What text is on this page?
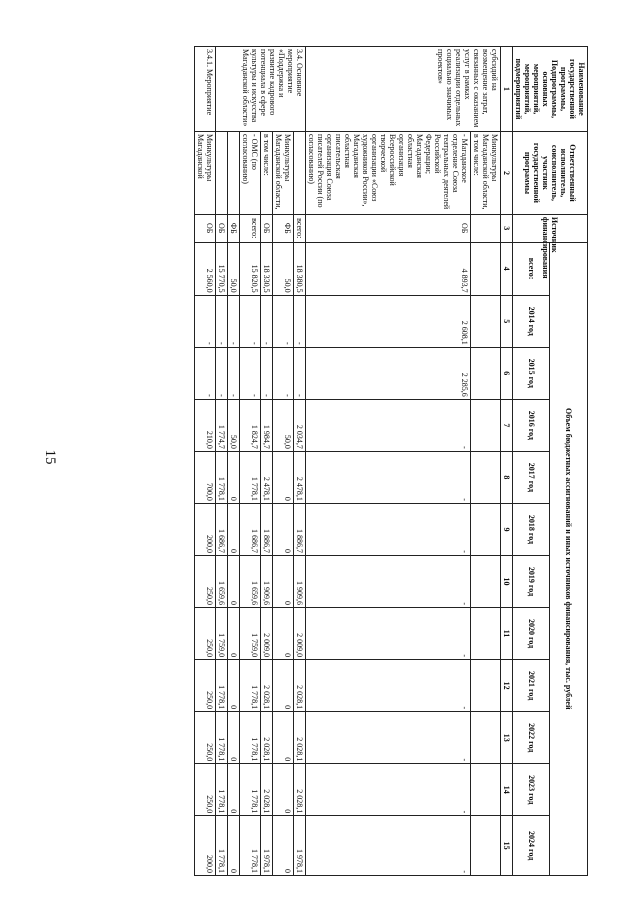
15
Наименование государственной программы, Подпрограммы, основных мероприятий, мероприятий, подмероприятий	Ответственный исполнитель, соисполнитель, участник государственной программы	Источник финансирования	Объем бюджетных ассигнований и иных источников финансирования, тыс. рублей											
			всего:	2014 год	2015 год	2016 год	2017 год	2018 год	2019 год	2020 год	2021 год	2022 год	2023 год	2024 год
1	2	3	4	5	6	7	8	9	10	11	12	13	14	15
субсидий на возмещение затрат, связанных с оказанием услуг в рамках реализации отдельных социально значимых проектов»	Минкультуры Магаданской области, в том числе:													
	- Магаданское отделение Союза театральных деятелей Российской Федерации; Магаданская областная организация Всероссийской творческой организации «Союз художников России», Магаданская областная писательская организация Союза писателей России (по согласованию)	ОБ	4 893,7	2 608,1	2 285,6	-	-	-	-	-	-	-	-	-
3.4. Основное мероприятие «Поддержка и развитие кадрового потенциала в сфере культуры и искусства Магаданской области»		всего:	18 380,5	-	-	2 034,7	2 478,1	1 886,7	1 909,6	2 009,0	2 028,1	2 028,1	2 028,1	1 978,1
	Минкультуры Магаданской области,	ФБ	50,0	-	-	50,0	0	0	0	0	0	0	0	0
	в том числе:	ОБ	18 330,5	-	-	1 984,7	2 478,1	1 886,7	1 909,6	2 009,0	2 028,1	2 028,1	2 028,1	1 978,1
	- ОМС (по согласованию)	всего:	15 820,5	-	-	1 824,7	1 778,1	1 686,7	1 659,6	1 759,0	1 778,1	1 778,1	1 778,1	1 778,1
		ФБ	50,0	-	-	50,0	0	0	0	0	0	0	0	0
		ОБ	15 770,5	-	-	1 774,7	1 778,1	1 686,7	1 659,6	1 759,0	1 778,1	1 778,1	1 778,1	1 778,1
3.4.1. Мероприятие	Минкультуры Магаданской	ОБ	2 560,0	-	-	210,0	700,0	200,0	250,0	250,0	250,0	250,0	250,0	200,0
